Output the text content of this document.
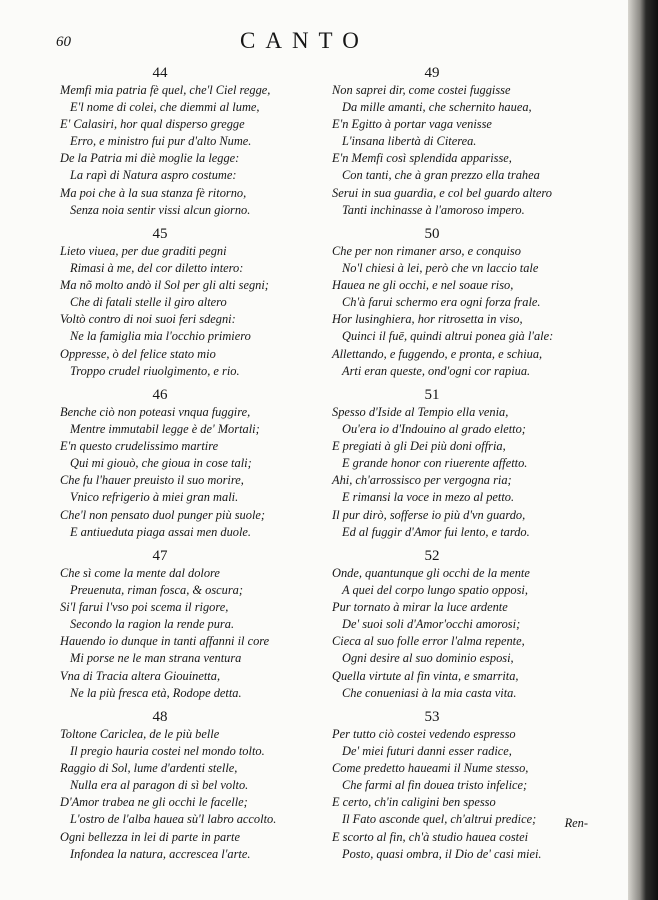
60	CANTO
44
Memfi mia patria fè quel, che'l Ciel regge,
E'l nome di colei, che diemmi al lume,
E' Calasiri, hor qual disperso gregge
Erro, e ministro fui pur d'alto Nume.
De la Patria mi diè moglie la legge:
La rapì di Natura aspro costume:
Ma poi che à la sua stanza fè ritorno,
Senza noia sentir vissi alcun giorno.
45
Lieto viuea, per due graditi pegni
Rimasi à me, del cor diletto intero:
Ma nõ molto andò il Sol per gli alti segni;
Che di fatali stelle il giro altero
Voltò contro di noi suoi feri sdegni:
Ne la famiglia mia l'occhio primiero
Oppresse, ò del felice stato mio
Troppo crudel riuolgimento, e rio.
46
Benche ciò non poteasi vnqua fuggire,
Mentre immutabil legge è de' Mortali;
E'n questo crudelissimo martire
Qui mi giouò, che gioua in cose tali;
Che fu l'hauer preuisto il suo morire,
Vnico refrigerio à miei gran mali.
Che'l non pensato duol punger più suole;
E antiueduta piaga assai men duole.
47
Che sì come la mente dal dolore
Preuenuta, riman fosca, & oscura;
Si'l farui l'vso poi scema il rigore,
Secondo la ragion la rende pura.
Hauendo io dunque in tanti affanni il core
Mi porse ne le man strana ventura
Vna di Tracia altera Giouinetta,
Ne la più fresca età, Rodope detta.
48
Toltone Cariclea, de le più belle
Il pregio hauria costei nel mondo tolto.
Raggio di Sol, lume d'ardenti stelle,
Nulla era al paragon di sì bel volto.
D'Amor trabea ne gli occhi le facelle;
L'ostro de l'alba hauea sù'l labro accolto.
Ogni bellezza in lei di parte in parte
Infondea la natura, accresceа l'arte.
49
Non saprei dir, come costei fuggisse
Da mille amanti, che schernito hauea,
E'n Egitto à portar vaga venisse
L'insana libertà di Citerea.
E'n Memfi così splendida apparisse,
Con tanti, che à gran prezzo ella trahea
Serui in sua guardia, e col bel guardo altero
Tanti inchinasse à l'amoroso impero.
50
Che per non rimaner arso, e conquiso
No'l chiesi à lei, però che vn laccio tale
Hauea ne gli occhi, e nel soaue riso,
Ch'à farui schermo era ogni forza frale.
Hor lusinghiera, hor ritrosetta in viso,
Quinci il fuē, quindi altrui ponea già l'ale:
Allettando, e fuggendo, e pronta, e schiua,
Arti eran queste, ond'ogni cor rapiua.
51
Spesso d'Iside al Tempio ella venia,
Ou'era io d'Indouino al grado eletto;
E pregiati à gli Dei più doni offria,
E grande honor con riuerente affetto.
Ahi, ch'arrossisco per vergogna ria;
E rimansi la voce in mezo al petto.
Il pur dirò, sofferse io più d'vn guardo,
Ed al fuggir d'Amor fui lento, e tardo.
52
Onde, quantunque gli occhi de la mente
A quei del corpo lungo spatio opposi,
Pur tornato à mirar la luce ardente
De' suoi soli d'Amor'occhi amorosi;
Cieca al suo folle error l'alma repente,
Ogni desire al suo dominio esposi,
Quella virtute al fin vinta, e smarrita,
Che conueniasi à la mia casta vita.
53
Per tutto ciò costei vedendo espresso
De' miei futuri danni esser radice,
Come predetto haueami il Nume stesso,
Che farmi al fin douea tristo infelice;
E certo, ch'in caligini ben spesso
Il Fato asconde quel, ch'altrui predice;
E scorto al fin, ch'à studio hauea costei
Posto, quasi ombra, il Dio de' casi miei.
Ren-
